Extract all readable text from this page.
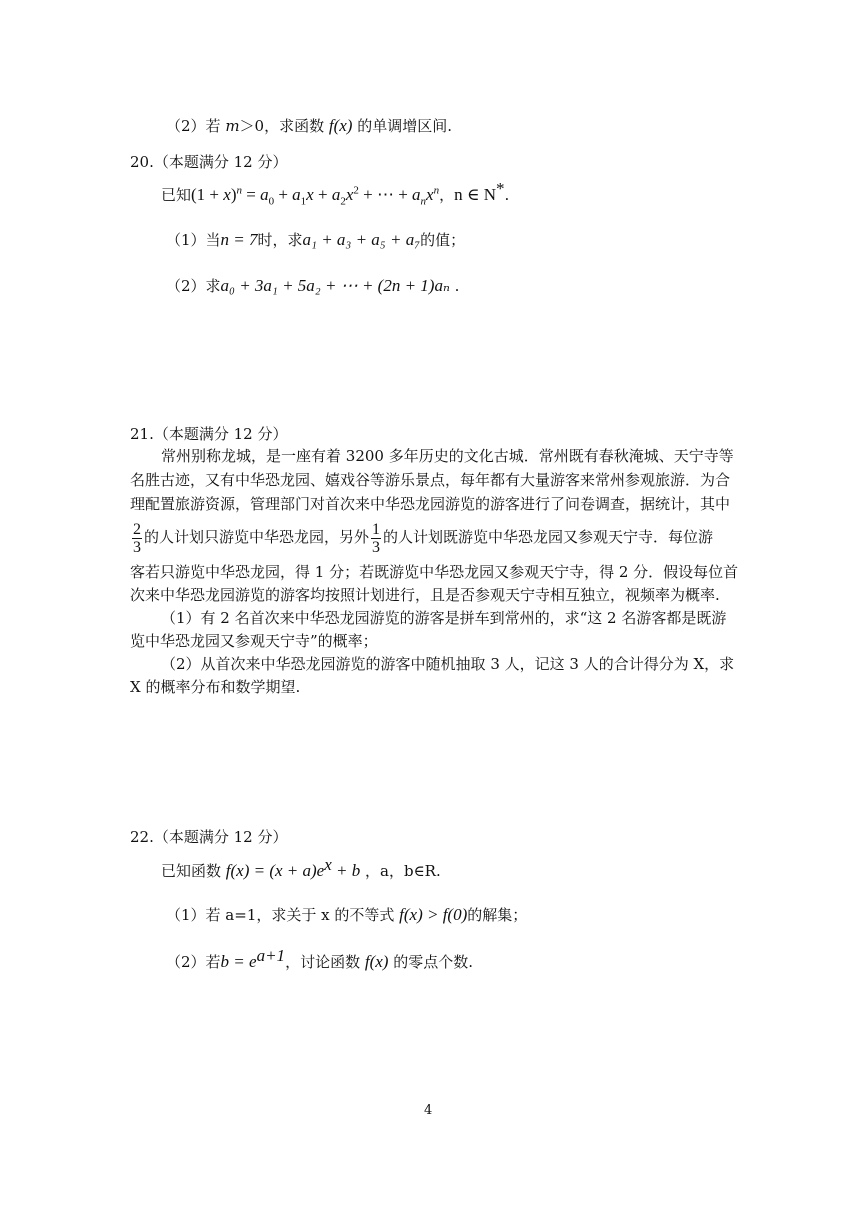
（2）若 m＞0，求函数 f(x) 的单调增区间.
20.（本题满分 12 分）
已知$(1 + x)^n = a_0 + a_1x + a_2x^2$ + ⋯ + $a_nx^n$，n ∈ N*.
（1）当n = 7时，求a₁ + a₃ + a₅ + a₇的值；
（2）求a₀ + 3a₁ + 5a₂ + ⋯ + (2n + 1)aₙ .
21.（本题满分 12 分）
常州别称龙城，是一座有着 3200 多年历史的文化古城．常州既有春秋淹城、天宁寺等
名胜古迹，又有中华恐龙园、嬉戏谷等游乐景点，每年都有大量游客来常州参观旅游．为合
理配置旅游资源，管理部门对首次来中华恐龙园游览的游客进行了问卷调查，据统计，其中
$\frac{2}{3}$ 的人计划只游览中华恐龙园，另外 $\frac{1}{3}$ 的人计划既游览中华恐龙园又参观天宁寺．每位游
客若只游览中华恐龙园，得 1 分；若既游览中华恐龙园又参观天宁寺，得 2 分．假设每位首
次来中华恐龙园游览的游客均按照计划进行，且是否参观天宁寺相互独立，视频率为概率.
（1）有 2 名首次来中华恐龙园游览的游客是拼车到常州的，求“这 2 名游客都是既游
览中华恐龙园又参观天宁寺”的概率；
（2）从首次来中华恐龙园游览的游客中随机抽取 3 人，记这 3 人的合计得分为 X，求
X 的概率分布和数学期望.
22.（本题满分 12 分）
已知函数 $f(x) = (x + a)e^x + b$ ，a，b∈R.
（1）若 a=1，求关于 x 的不等式 f(x) > f(0)的解集；
（2）若$b = e^{a+1}$，讨论函数 f(x) 的零点个数.
4
